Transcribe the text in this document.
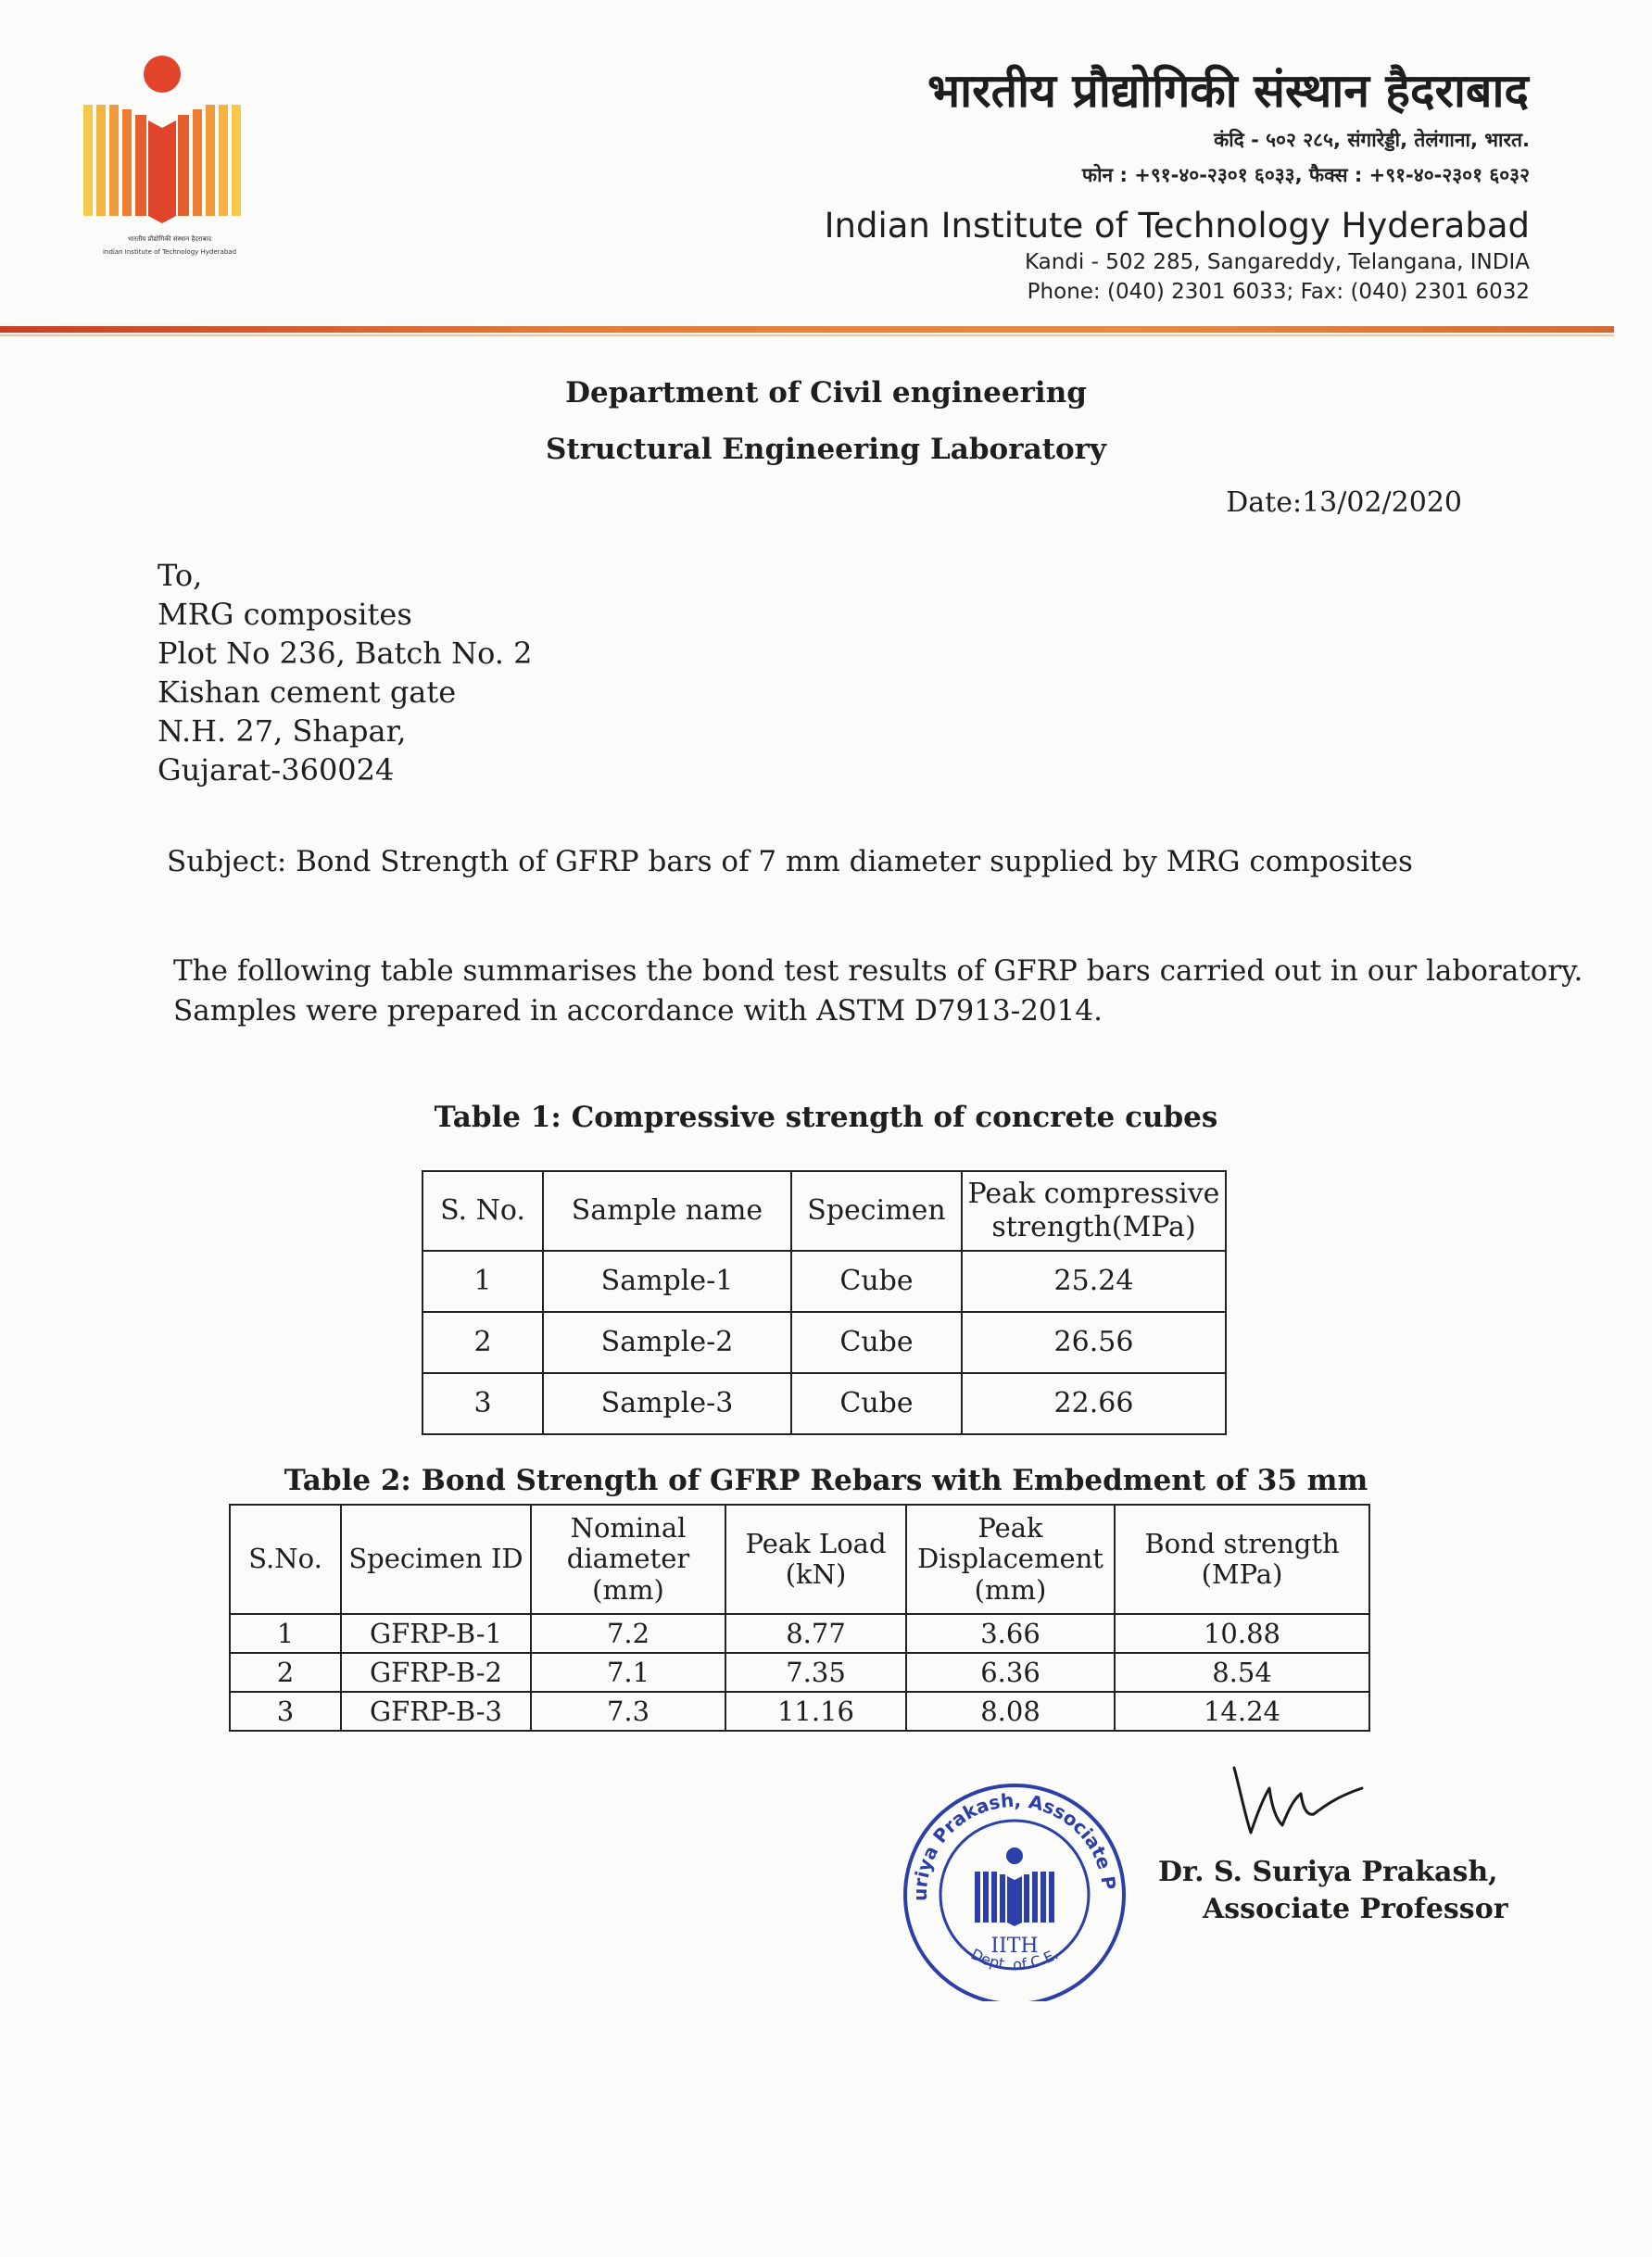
भारतीय प्रौद्योगिकी संस्थान हैदराबाद
Indian Institute of Technology Hyderabad
भारतीय प्रौद्योगिकी संस्थान हैदराबाद
कंदि - ५०२ २८५, संगारेड्डी, तेलंगाना, भारत.
फोन : +९१-४०-२३०१ ६०३३, फैक्स : +९१-४०-२३०१ ६०३२
Indian Institute of Technology Hyderabad
Kandi - 502 285, Sangareddy, Telangana, INDIA
Phone: (040) 2301 6033; Fax: (040) 2301 6032
Department of Civil engineering
Structural Engineering Laboratory
Date:13/02/2020
To,
MRG composites
Plot No 236, Batch No. 2
Kishan cement gate
N.H. 27, Shapar,
Gujarat-360024
Subject: Bond Strength of GFRP bars of 7 mm diameter supplied by MRG composites
The following table summarises the bond test results of GFRP bars carried out in our laboratory.
Samples were prepared in accordance with ASTM D7913-2014.
Table 1: Compressive strength of concrete cubes
S. No.	Sample name	Specimen	Peak compressive strength(MPa)
1	Sample-1	Cube	25.24
2	Sample-2	Cube	26.56
3	Sample-3	Cube	22.66
Table 2: Bond Strength of GFRP Rebars with Embedment of 35 mm
S.No.	Specimen ID	Nominal diameter (mm)	Peak Load (kN)	Peak Displacement (mm)	Bond strength (MPa)
1	GFRP-B-1	7.2	8.77	3.66	10.88
2	GFRP-B-2	7.1	7.35	6.36	8.54
3	GFRP-B-3	7.3	11.16	8.08	14.24
uriya Prakash, Associate P
Dept. of C.E.
IITH
Dr. S. Suriya Prakash,
Associate Professor
